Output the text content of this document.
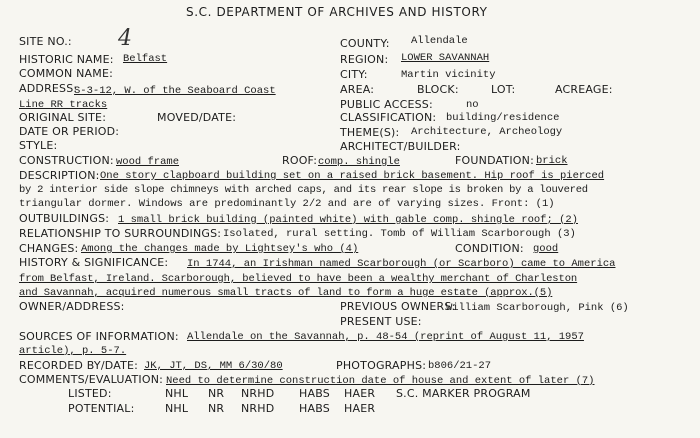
S.C. DEPARTMENT OF ARCHIVES AND HISTORY
SITE NO.: 4	COUNTY: Allendale
HISTORIC NAME: Belfast	REGION: LOWER SAVANNAH
COMMON NAME:	CITY:	Martin vicinity
ADDRESS:
S-3-12, W. of the Seaboard Coast
Line RR tracks
AREA:	BLOCK:	LOT:	ACREAGE:
PUBLIC ACCESS:	no
ORIGINAL SITE:	MOVED/DATE:	CLASSIFICATION: building/residence
DATE OR PERIOD:	THEME(S): Architecture, Archeology
STYLE:	ARCHITECT/BUILDER:
CONSTRUCTION: wood frame	ROOF: comp. shingle	FOUNDATION: brick
DESCRIPTION: One story clapboard building set on a raised brick basement. Hip roof is pierced
by 2 interior side slope chimneys with arched caps, and its rear slope is broken by a louvered
triangular dormer. Windows are predominantly 2/2 and are of varying sizes. Front: (1)
OUTBUILDINGS: 1 small brick building (painted white) with gable comp. shingle roof; (2)
RELATIONSHIP TO SURROUNDINGS: Isolated, rural setting. Tomb of William Scarborough (3)
CHANGES: Among the changes made by Lightsey's who (4)	CONDITION: good
HISTORY & SIGNIFICANCE: In 1744, an Irishman named Scarborough (or Scarboro) came to America
from Belfast, Ireland. Scarborough, believed to have been a wealthy merchant of Charleston
and Savannah, acquired numerous small tracts of land to form a huge estate (approx.(5)
OWNER/ADDRESS:	PREVIOUS OWNERS:
William Scarborough, Pink (6)
PRESENT USE:
SOURCES OF INFORMATION: Allendale on the Savannah, p. 48-54 (reprint of August 11, 1957
article), p. 5-7.
RECORDED BY/DATE: JK, JT, DS, MM 6/30/80	PHOTOGRAPHS: b806/21-27
COMMENTS/EVALUATION: Need to determine construction date of house and extent of later (7)
LISTED:	NHL NR NRHD HABS HAER S.C. MARKER PROGRAM
POTENTIAL:	NHL NR NRHD HABS HAER
